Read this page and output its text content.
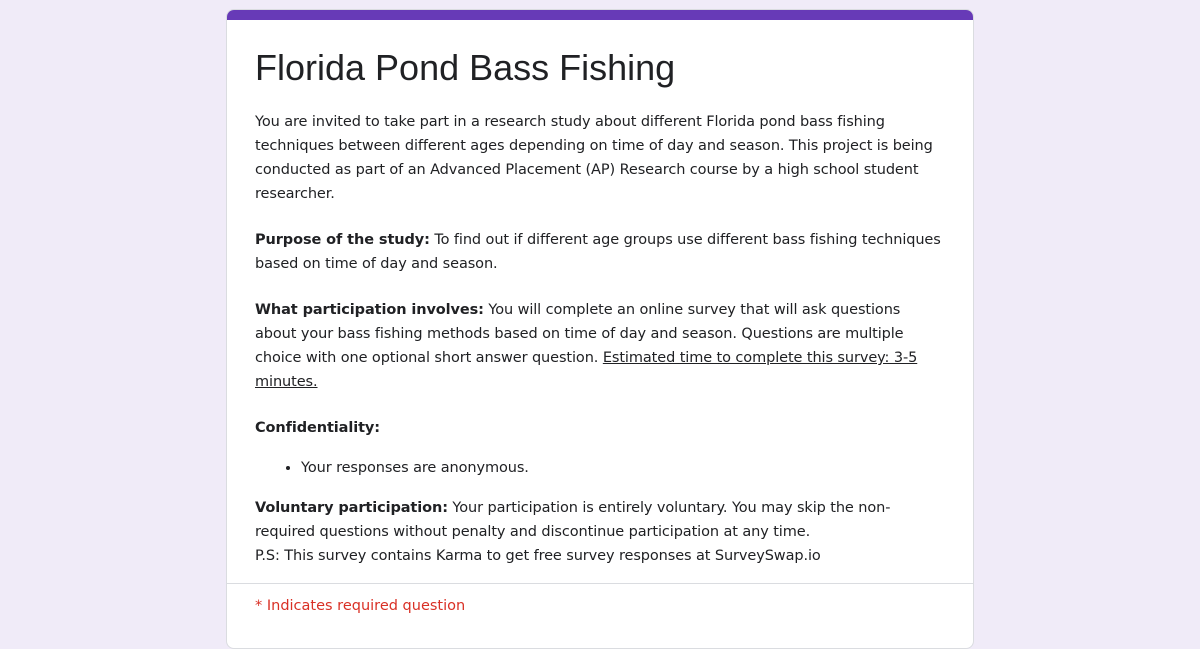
Florida Pond Bass Fishing

You are invited to take part in a research study about different Florida pond bass fishing techniques between different ages depending on time of day and season. This project is being conducted as part of an Advanced Placement (AP) Research course by a high school student researcher.

Purpose of the study: To find out if different age groups use different bass fishing techniques based on time of day and season.

What participation involves: You will complete an online survey that will ask questions about your bass fishing methods based on time of day and season. Questions are multiple choice with one optional short answer question. Estimated time to complete this survey: 3-5 minutes.

Confidentiality:

• Your responses are anonymous.

Voluntary participation: Your participation is entirely voluntary. You may skip the non-required questions without penalty and discontinue participation at any time.

P.S: This survey contains Karma to get free survey responses at SurveySwap.io

* Indicates required question
